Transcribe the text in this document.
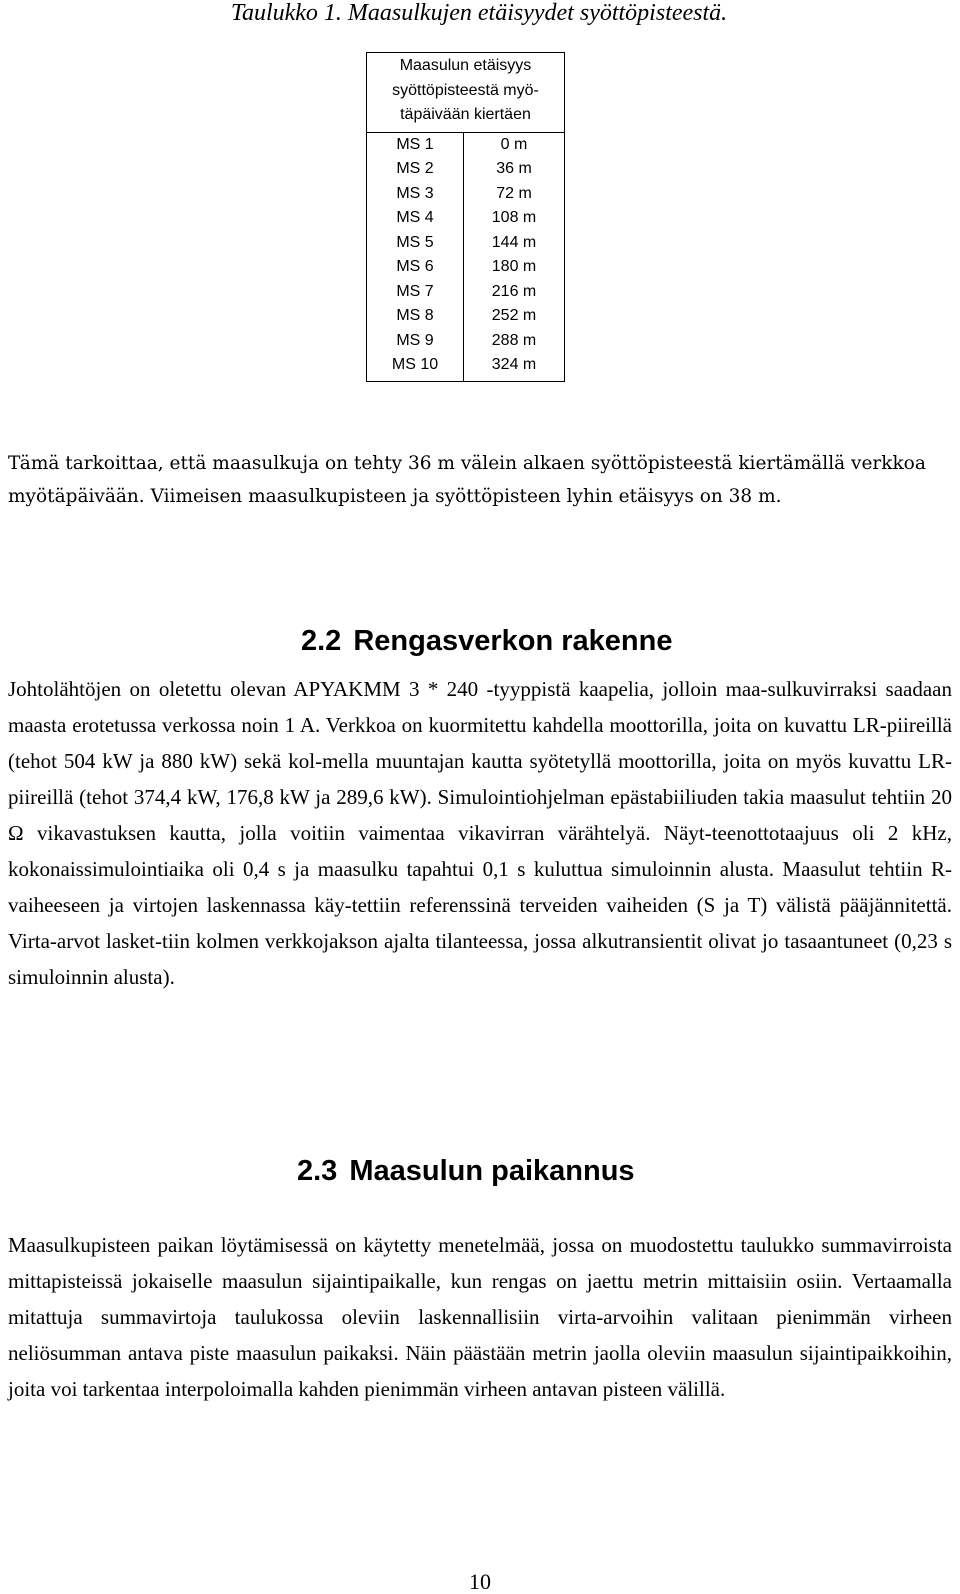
Taulukko 1. Maasulkujen etäisyydet syöttöpisteestä.
Maasulun etäisyys syöttöpisteestä myö-täpäivään kiertäen	
MS 1	0 m
MS 2	36 m
MS 3	72 m
MS 4	108 m
MS 5	144 m
MS 6	180 m
MS 7	216 m
MS 8	252 m
MS 9	288 m
MS 10	324 m

Tämä tarkoittaa, että maasulkuja on tehty 36 m välein alkaen syöttöpisteestä kiertämällä verkkoa myötäpäivään. Viimeisen maasulkupisteen ja syöttöpisteen lyhin etäisyys on 38 m.

2.2 Rengasverkon rakenne

Johtolähtöjen on oletettu olevan APYAKMM 3 * 240 -tyyppistä kaapelia, jolloin maa-sulkuvirraksi saadaan maasta erotetussa verkossa noin 1 A. Verkkoa on kuormitettu kahdella moottorilla, joita on kuvattu LR-piireillä (tehot 504 kW ja 880 kW) sekä kol-mella muuntajan kautta syötetyllä moottorilla, joita on myös kuvattu LR-piireillä (tehot 374,4 kW, 176,8 kW ja 289,6 kW). Simulointiohjelman epästabiiliuden takia maasulut tehtiin 20 Ω vikavastuksen kautta, jolla voitiin vaimentaa vikavirran värähtelyä. Näyt-teenottotaajuus oli 2 kHz, kokonaissimulointiaika oli 0,4 s ja maasulku tapahtui 0,1 s kuluttua simuloinnin alusta. Maasulut tehtiin R-vaiheeseen ja virtojen laskennassa käy-tettiin referenssinä terveiden vaiheiden (S ja T) välistä pääjännitettä. Virta-arvot lasket-tiin kolmen verkkojakson ajalta tilanteessa, jossa alkutransientit olivat jo tasaantuneet (0,23 s simuloinnin alusta).

2.3 Maasulun paikannus

Maasulkupisteen paikan löytämisessä on käytetty menetelmää, jossa on muodostettu taulukko summavirroista mittapisteissä jokaiselle maasulun sijaintipaikalle, kun rengas on jaettu metrin mittaisiin osiin. Vertaamalla mitattuja summavirtoja taulukossa oleviin laskennallisiin virta-arvoihin valitaan pienimmän virheen neliösumman antava piste maasulun paikaksi. Näin päästään metrin jaolla oleviin maasulun sijaintipaikkoihin, joita voi tarkentaa interpoloimalla kahden pienimmän virheen antavan pisteen välillä.

10
